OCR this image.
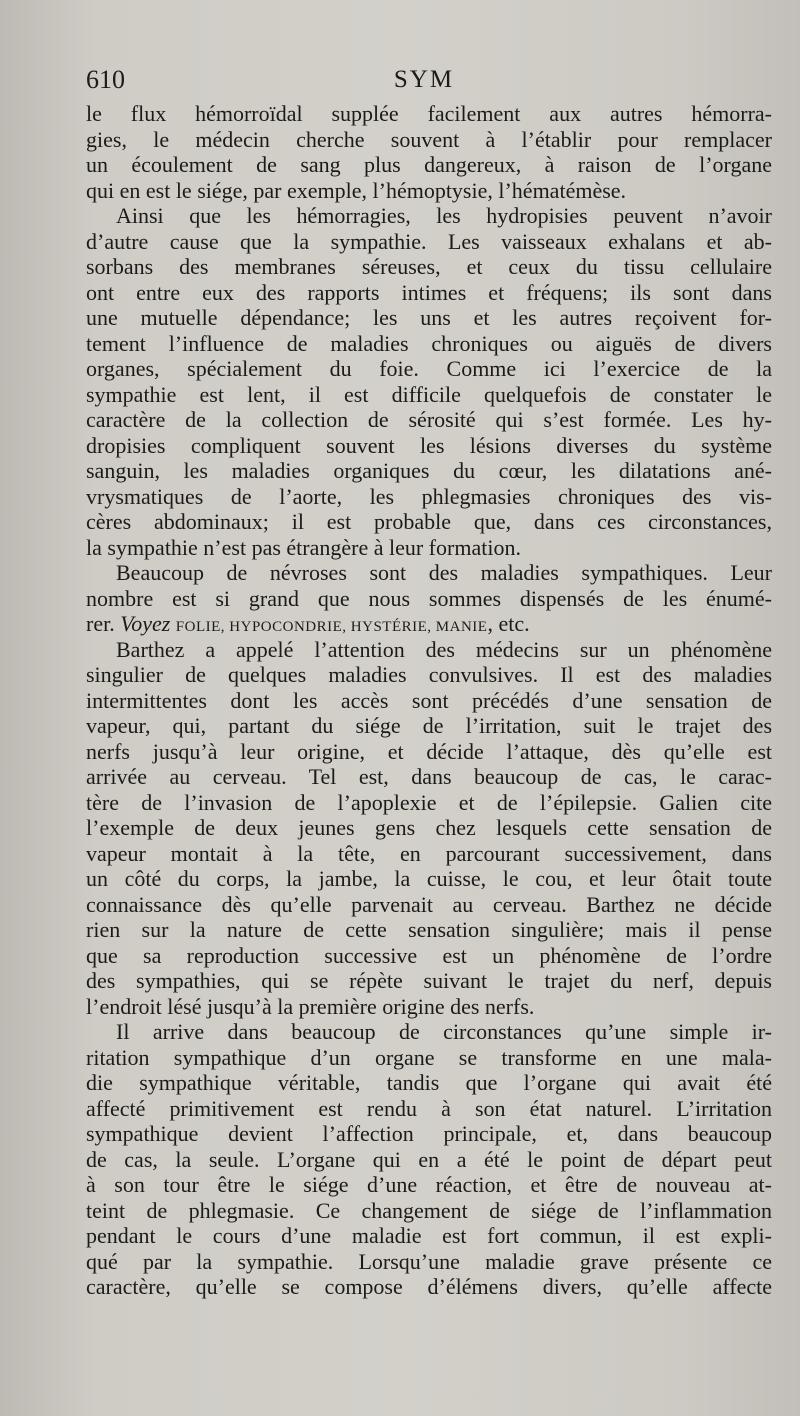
610	SYM
le flux hémorroïdal supplée facilement aux autres hémorra-
gies, le médecin cherche souvent à l’établir pour remplacer
un écoulement de sang plus dangereux, à raison de l’organe
qui en est le siége, par exemple, l’hémoptysie, l’hématémèse.
Ainsi que les hémorragies, les hydropisies peuvent n’avoir
d’autre cause que la sympathie. Les vaisseaux exhalans et ab-
sorbans des membranes séreuses, et ceux du tissu cellulaire
ont entre eux des rapports intimes et fréquens; ils sont dans
une mutuelle dépendance; les uns et les autres reçoivent for-
tement l’influence de maladies chroniques ou aiguës de divers
organes, spécialement du foie. Comme ici l’exercice de la
sympathie est lent, il est difficile quelquefois de constater le
caractère de la collection de sérosité qui s’est formée. Les hy-
dropisies compliquent souvent les lésions diverses du système
sanguin, les maladies organiques du cœur, les dilatations ané-
vrysmatiques de l’aorte, les phlegmasies chroniques des vis-
cères abdominaux; il est probable que, dans ces circonstances,
la sympathie n’est pas étrangère à leur formation.
Beaucoup de névroses sont des maladies sympathiques. Leur
nombre est si grand que nous sommes dispensés de les énumé-
rer. Voyez FOLIE, HYPOCONDRIE, HYSTÉRIE, MANIE, etc.
Barthez a appelé l’attention des médecins sur un phénomène
singulier de quelques maladies convulsives. Il est des maladies
intermittentes dont les accès sont précédés d’une sensation de
vapeur, qui, partant du siége de l’irritation, suit le trajet des
nerfs jusqu’à leur origine, et décide l’attaque, dès qu’elle est
arrivée au cerveau. Tel est, dans beaucoup de cas, le carac-
tère de l’invasion de l’apoplexie et de l’épilepsie. Galien cite
l’exemple de deux jeunes gens chez lesquels cette sensation de
vapeur montait à la tête, en parcourant successivement, dans
un côté du corps, la jambe, la cuisse, le cou, et leur ôtait toute
connaissance dès qu’elle parvenait au cerveau. Barthez ne décide
rien sur la nature de cette sensation singulière; mais il pense
que sa reproduction successive est un phénomène de l’ordre
des sympathies, qui se répète suivant le trajet du nerf, depuis
l’endroit lésé jusqu’à la première origine des nerfs.
Il arrive dans beaucoup de circonstances qu’une simple ir-
ritation sympathique d’un organe se transforme en une mala-
die sympathique véritable, tandis que l’organe qui avait été
affecté primitivement est rendu à son état naturel. L’irritation
sympathique devient l’affection principale, et, dans beaucoup
de cas, la seule. L’organe qui en a été le point de départ peut
à son tour être le siége d’une réaction, et être de nouveau at-
teint de phlegmasie. Ce changement de siége de l’inflammation
pendant le cours d’une maladie est fort commun, il est expli-
qué par la sympathie. Lorsqu’une maladie grave présente ce
caractère, qu’elle se compose d’élémens divers, qu’elle affecte
